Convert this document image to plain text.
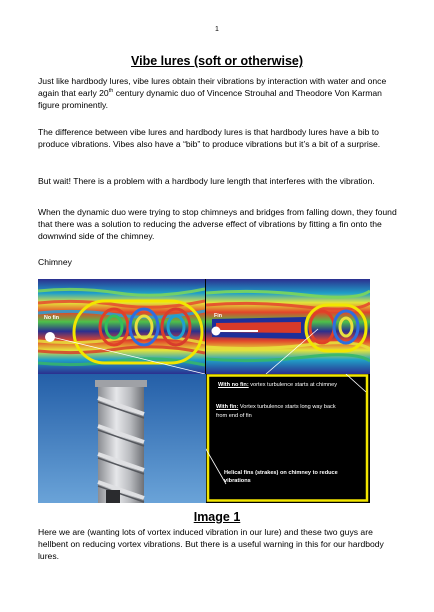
1
Vibe lures (soft or otherwise)

Just like hardbody lures, vibe lures obtain their vibrations by interaction with water and once again that early 20th century dynamic duo of Vincence Strouhal and Theodore Von Karman figure prominently.

The difference between vibe lures and hardbody lures is that hardbody lures have a bib to produce vibrations. Vibes also have a “bib” to produce vibrations but it’s a bit of a surprise.

But wait! There is a problem with a hardbody lure length that interferes with the vibration.

When the dynamic duo were trying to stop chimneys and bridges from falling down, they found that there was a solution to reducing the adverse effect of vibrations by fitting a fin onto the downwind side of the chimney.

Chimney

No fin	Fin
With no fin: vortex turbulence starts at chimney
With fin: Vortex turbulence starts long way back
from end of fin
Helical fins (strakes) on chimney to reduce
vibrations
Image 1

Here we are (wanting lots of vortex induced vibration in our lure) and these two guys are hellbent on reducing vortex vibrations. But there is a useful warning in this for our hardbody lures.
